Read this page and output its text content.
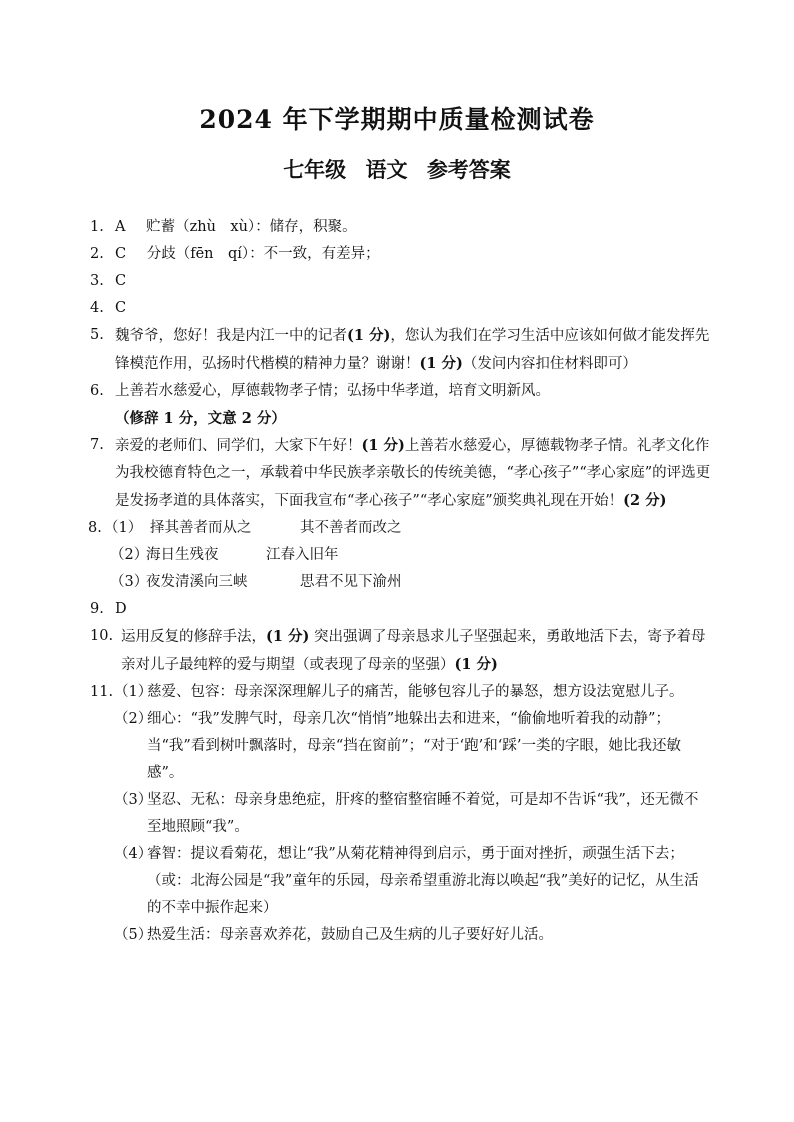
2024 年下学期期中质量检测试卷
七年级 语文 参考答案
1. A 贮蓄（zhù　xù）：储存，积聚。
2. C 分歧（fēn　qí）：不一致，有差异；
3. C
4. C
5. 魏爷爷，您好！我是内江一中的记者(1 分)，您认为我们在学习生活中应该如何做才能发挥先锋模范作用，弘扬时代楷模的精神力量？谢谢！(1 分)（发问内容扣住材料即可）
6. 上善若水慈爱心，厚德载物孝子情；弘扬中华孝道，培育文明新风。
（修辞 1 分，文意 2 分）
7. 亲爱的老师们、同学们，大家下午好！(1 分)上善若水慈爱心，厚德载物孝子情。礼孝文化作为我校德育特色之一，承载着中华民族孝亲敬长的传统美德，“孝心孩子”“孝心家庭”的评选更是发扬孝道的具体落实，下面我宣布“孝心孩子”“孝心家庭”颁奖典礼现在开始！(2 分)
8. （1） 择其善者而从之	其不善者而改之
（2）
海日生残夜	江春入旧年
（3）
夜发清溪向三峡	思君不见下渝州
9. D
10. 运用反复的修辞手法，(1 分) 突出强调了母亲恳求儿子坚强起来，勇敢地活下去，寄予着母亲对儿子最纯粹的爱与期望（或表现了母亲的坚强）(1 分)
11. （1）
慈爱、包容：母亲深深理解儿子的痛苦，能够包容儿子的暴怒，想方设法宽慰儿子。
（2）
细心：“我”发脾气时，母亲几次“悄悄”地躲出去和进来，“偷偷地听着我的动静”；当“我”看到树叶飘落时，母亲“挡在窗前”；“对于‘跑’和‘踩’一类的字眼，她比我还敏感”。
（3）
坚忍、无私：母亲身患绝症，肝疼的整宿整宿睡不着觉，可是却不告诉“我”，还无微不至地照顾“我”。
（4）
睿智：提议看菊花，想让“我”从菊花精神得到启示，勇于面对挫折，顽强生活下去；（或：北海公园是“我”童年的乐园，母亲希望重游北海以唤起“我”美好的记忆，从生活的不幸中振作起来）
（5）
热爱生活：母亲喜欢养花，鼓励自己及生病的儿子要好好儿活。
